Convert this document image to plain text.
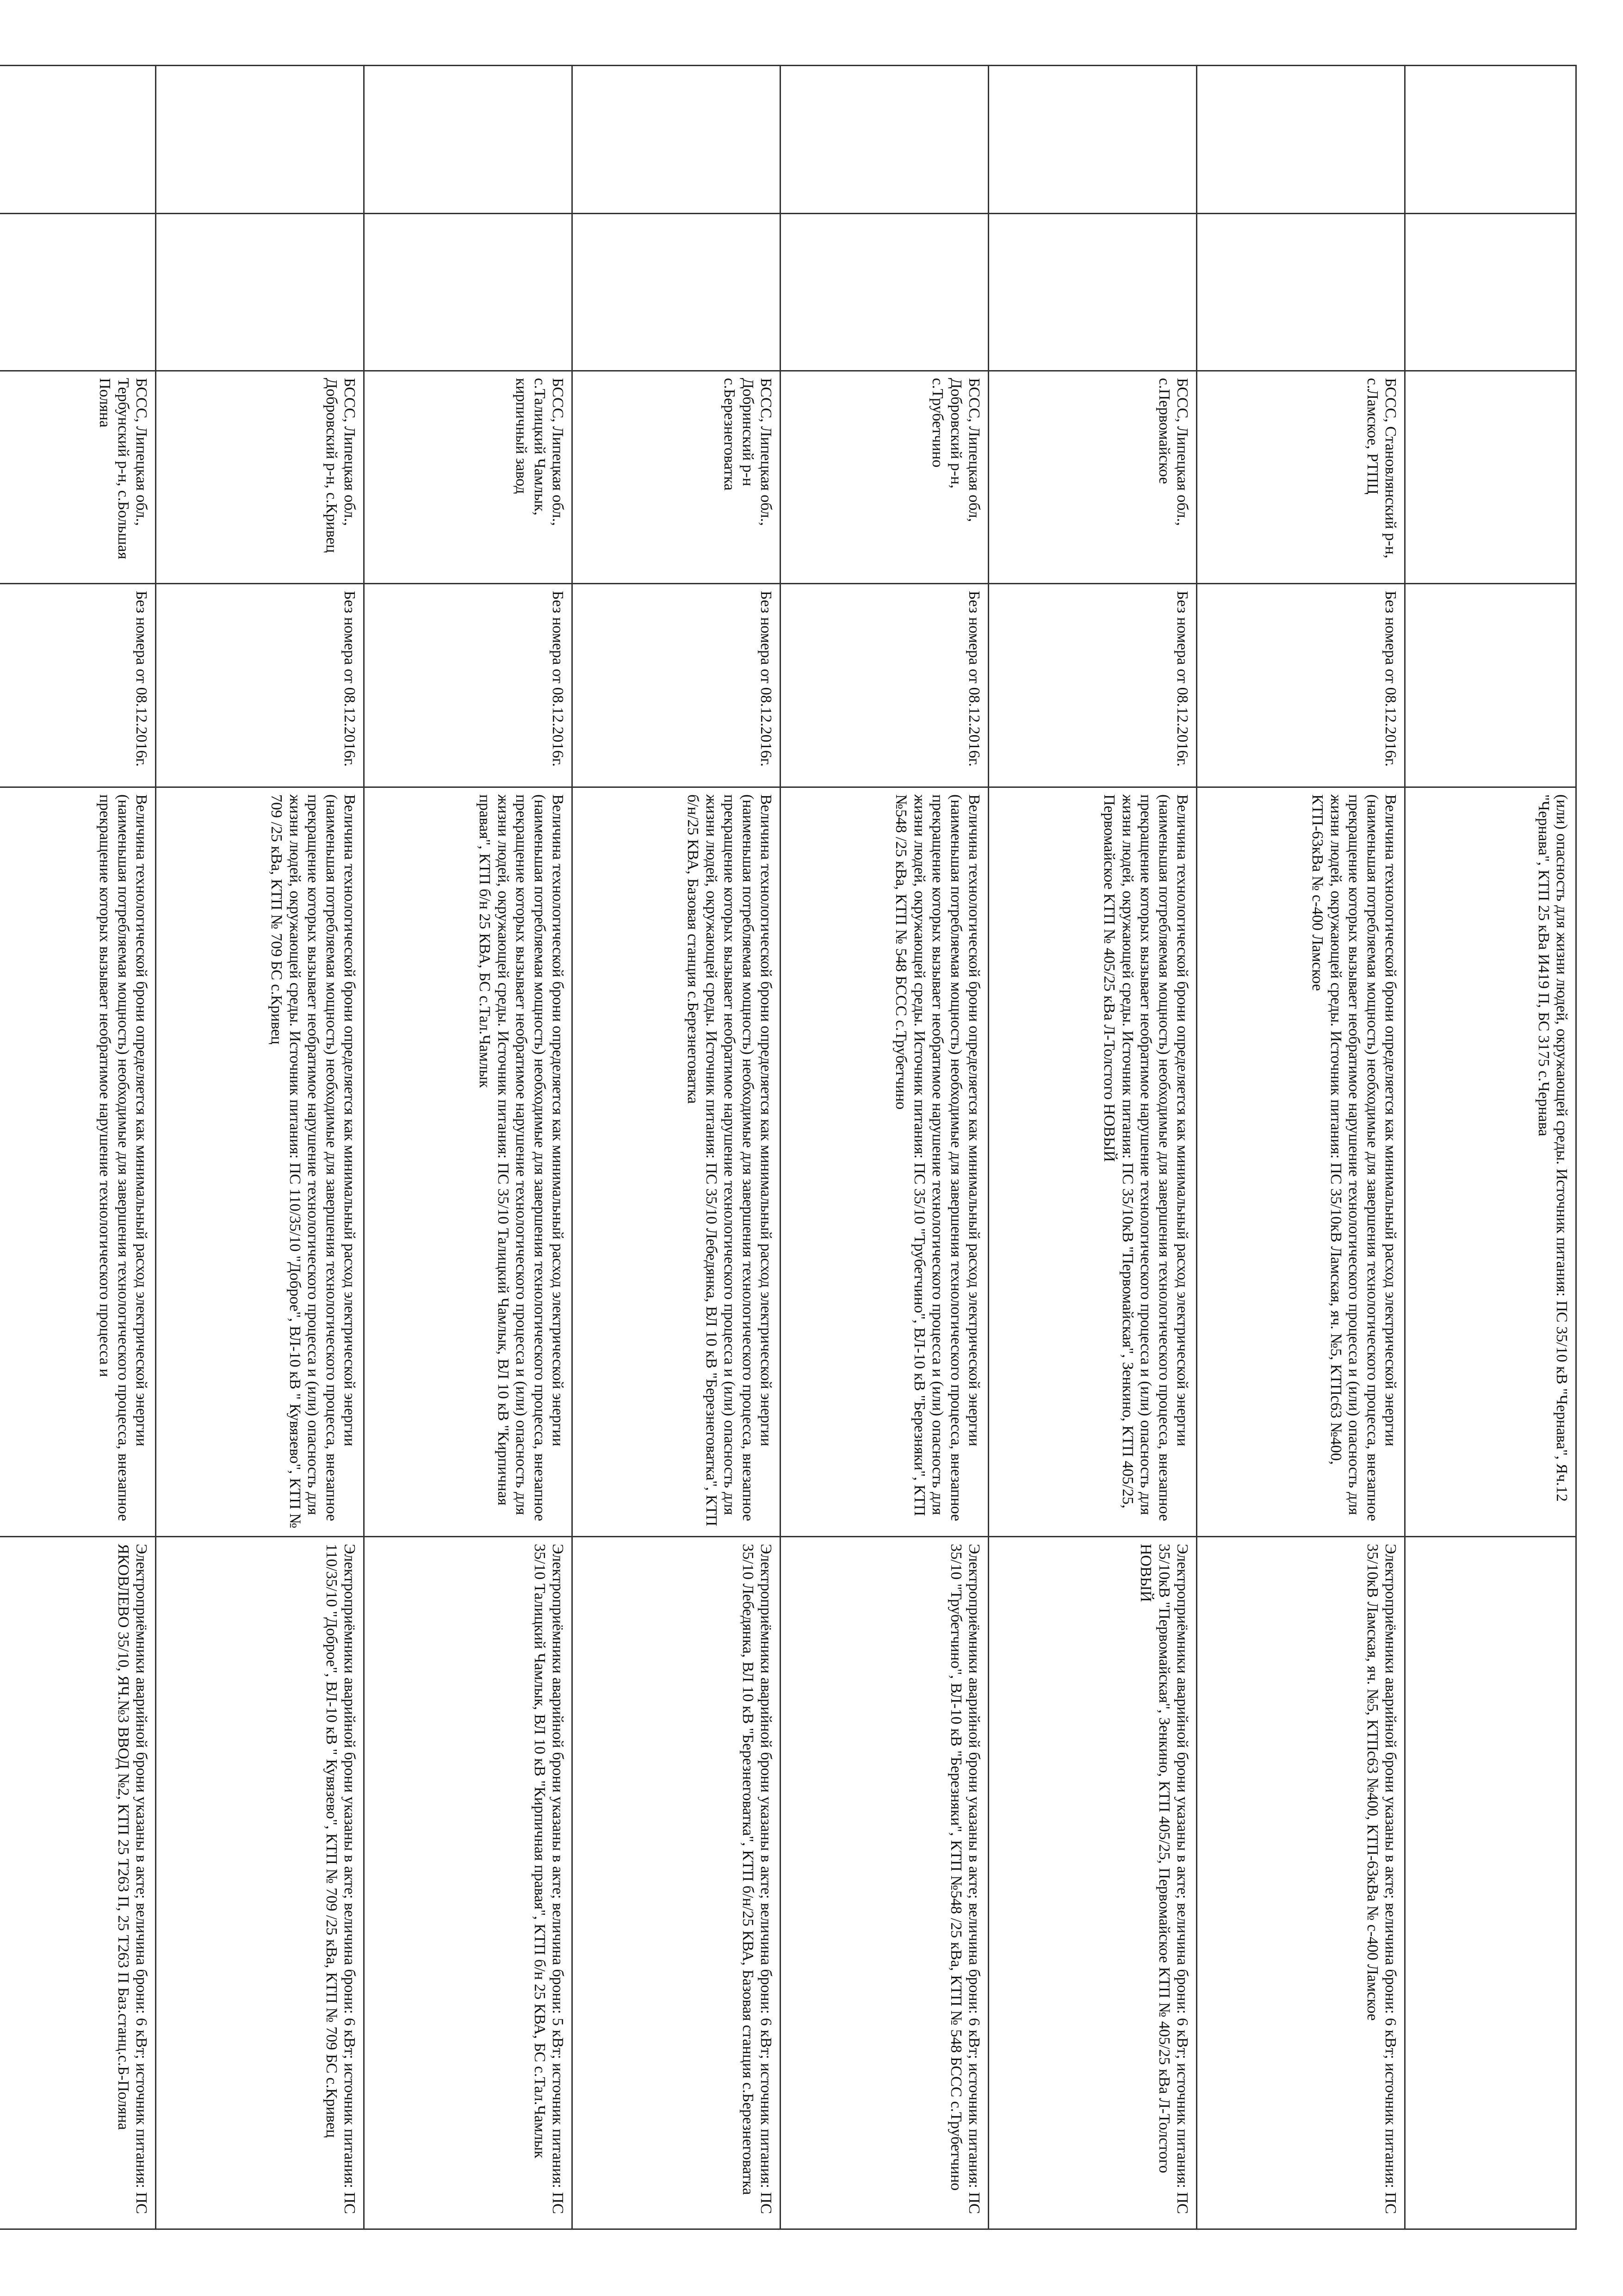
				(или) опасность для жизни людей, окружающей среды. Источник питания: ПС 35/10 кВ "Чернава", Яч.12 "Чернава", КТП 25 кВа И419 П, БС 3175 с.Чернава	
		БССС, Становлянский р-н, с.Ламское, РТПЦ	Без номера от 08.12.2016г.	Величина технологической брони определяется как минимальный расход электрической энергии (наименьшая потребляемая мощность) необходимые для завершения технологического процесса, внезапное прекращение которых вызывает необратимое нарушение технологического процесса и (или) опасность для жизни людей, окружающей среды. Источник питания: ПС 35/10кВ Ламская, яч. №5, КТПс63 №400, КТП-63кВа № с-400 Ламское	Электроприёмники аварийной брони указаны в акте; величина брони: 6 кВт; источник питания: ПС 35/10кВ Ламская, яч. №5, КТПс63 №400, КТП-63кВа № с-400 Ламское
		БССС, Липецкая обл., с.Первомайское	Без номера от 08.12.2016г.	Величина технологической брони определяется как минимальный расход электрической энергии (наименьшая потребляемая мощность) необходимые для завершения технологического процесса, внезапное прекращение которых вызывает необратимое нарушение технологического процесса и (или) опасность для жизни людей, окружающей среды. Источник питания: ПС 35/10кВ "Первомайская", Зенкино, КТП 405/25, Первомайское КТП № 405/25 кВа Л-Толстого НОВЫЙ	Электроприёмники аварийной брони указаны в акте; величина брони: 6 кВт; источник питания: ПС 35/10кВ "Первомайская", Зенкино, КТП 405/25, Первомайское КТП № 405/25 кВа Л-Толстого НОВЫЙ
		БССС, Липецкая обл, Добровский р-н, с.Трубетчино	Без номера от 08.12.2016г.	Величина технологической брони определяется как минимальный расход электрической энергии (наименьшая потребляемая мощность) необходимые для завершения технологического процесса, внезапное прекращение которых вызывает необратимое нарушение технологического процесса и (или) опасность для жизни людей, окружающей среды. Источник питания: ПС 35/10 "Трубетчино", ВЛ-10 кВ "Березняки", КТП №548 /25 кВа, КТП № 548 БССС с.Трубетчино	Электроприёмники аварийной брони указаны в акте; величина брони: 6 кВт; источник питания: ПС 35/10 "Трубетчино", ВЛ-10 кВ "Березняки", КТП №548 /25 кВа, КТП № 548 БССС с.Трубетчино
		БССС, Липецкая обл., Добринский р-н с.Березнеговатка	Без номера от 08.12.2016г.	Величина технологической брони определяется как минимальный расход электрической энергии (наименьшая потребляемая мощность) необходимые для завершения технологического процесса, внезапное прекращение которых вызывает необратимое нарушение технологического процесса и (или) опасность для жизни людей, окружающей среды. Источник питания: ПС 35/10 Лебедянка, ВЛ 10 кВ "Березнеговатка", КТП б/н/25 КВА, Базовая станция с.Березнеговатка	Электроприёмники аварийной брони указаны в акте; величина брони: 6 кВт; источник питания: ПС 35/10 Лебедянка, ВЛ 10 кВ "Березнеговатка", КТП б/н/25 КВА, Базовая станция с.Березнеговатка
		БССС, Липецкая обл., с.Талицкий Чамлык, кирпичный завод	Без номера от 08.12.2016г.	Величина технологической брони определяется как минимальный расход электрической энергии (наименьшая потребляемая мощность) необходимые для завершения технологического процесса, внезапное прекращение которых вызывает необратимое нарушение технологического процесса и (или) опасность для жизни людей, окружающей среды. Источник питания: ПС 35/10 Талицкий Чамлык, ВЛ 10 кВ "Кирпичная правая", КТП б/н 25 КВА, БС с.Тал.Чамлык	Электроприёмники аварийной брони указаны в акте; величина брони: 5 кВт; источник питания: ПС 35/10 Талицкий Чамлык, ВЛ 10 кВ "Кирпичная правая", КТП б/н 25 КВА, БС с.Тал.Чамлык
		БССС, Липецкая обл., Добровский р-н, с.Кривец	Без номера от 08.12.2016г.	Величина технологической брони определяется как минимальный расход электрической энергии (наименьшая потребляемая мощность) необходимые для завершения технологического процесса, внезапное прекращение которых вызывает необратимое нарушение технологического процесса и (или) опасность для жизни людей, окружающей среды. Источник питания: ПС 110/35/10 "Доброе", ВЛ-10 кВ " Кувязево", КТП № 709 /25 кВа, КТП № 709 БС с.Кривец	Электроприёмники аварийной брони указаны в акте; величина брони: 6 кВт; источник питания: ПС 110/35/10 "Доброе", ВЛ-10 кВ " Кувязево", КТП № 709 /25 кВа, КТП № 709 БС с.Кривец
		БССС, Липецкая обл., Тербунский р-н, с.Большая Поляна	Без номера от 08.12.2016г.	Величина технологической брони определяется как минимальный расход электрической энергии (наименьшая потребляемая мощность) необходимые для завершения технологического процесса, внезапное прекращение которых вызывает необратимое нарушение технологического процесса и	Электроприёмники аварийной брони указаны в акте; величина брони: 6 кВт; источник питания: ПС ЯКОВЛЕВО 35/10, ЯЧ.№3 ВВОД №2, КТП 25 Т263 П, 25 Т263 П Баз.станц.с.Б-Поляна
